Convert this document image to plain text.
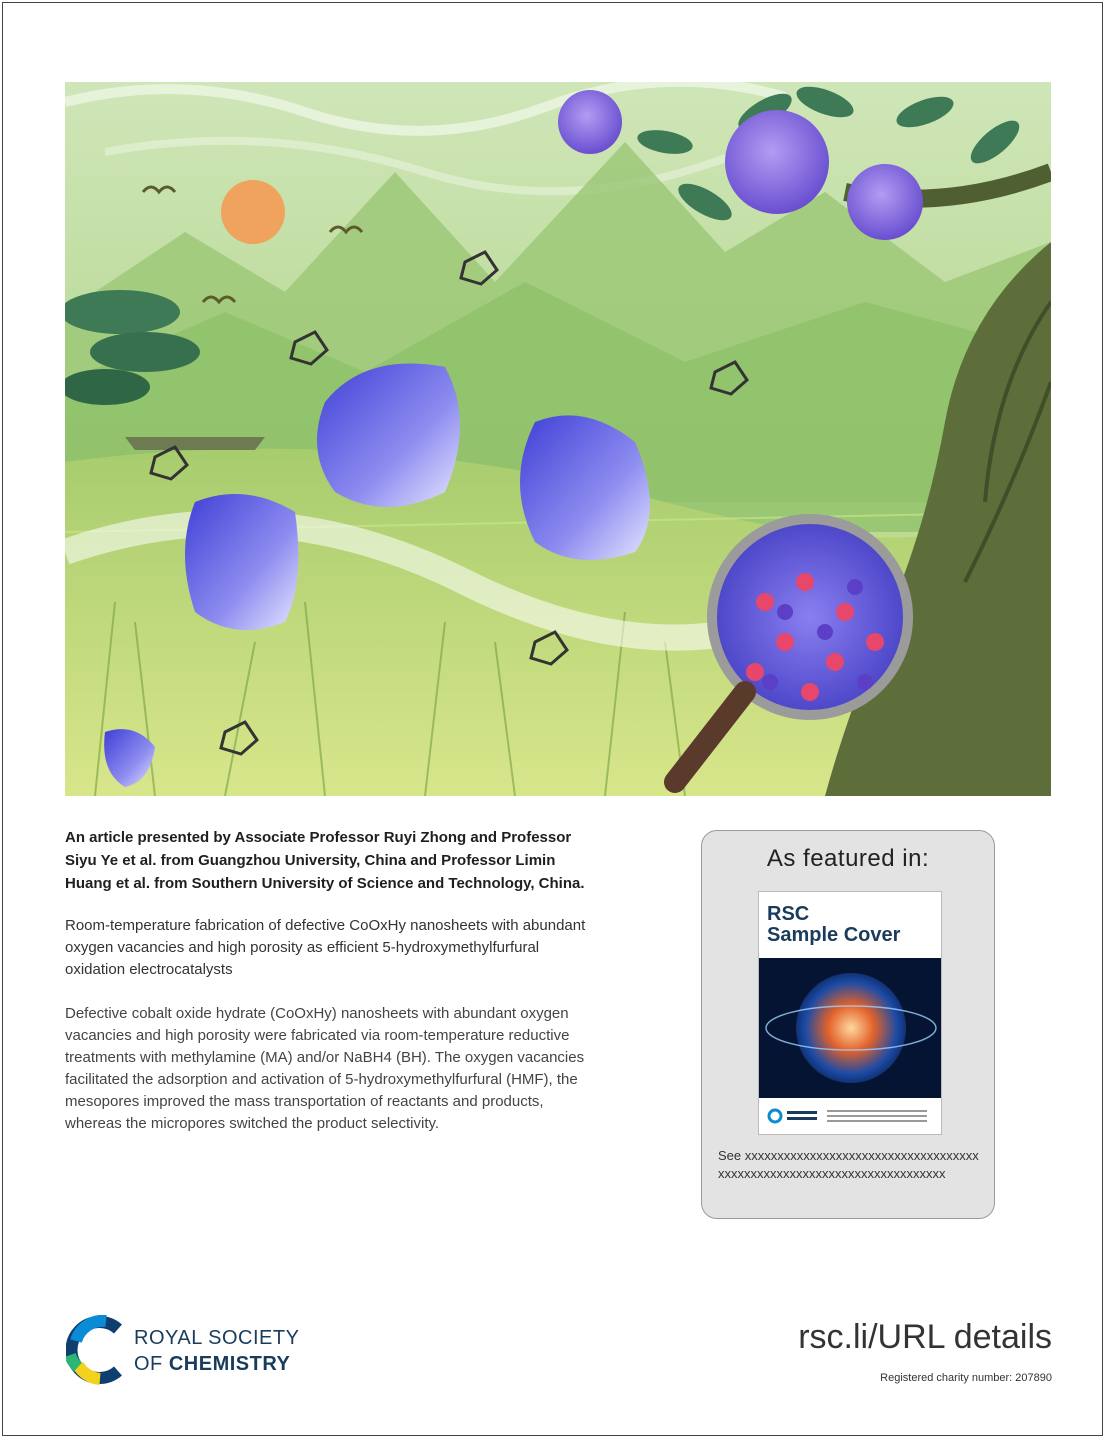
An article presented by Associate Professor Ruyi Zhong and Professor Siyu Ye et al. from Guangzhou University, China and Professor Limin Huang et al. from Southern University of Science and Technology, China.

Room-temperature fabrication of defective CoOxHy nanosheets with abundant oxygen vacancies and high porosity as efficient 5-hydroxymethylfurfural oxidation electrocatalysts

Defective cobalt oxide hydrate (CoOxHy) nanosheets with abundant oxygen vacancies and high porosity were fabricated via room-temperature reductive treatments with methylamine (MA) and/or NaBH4 (BH). The oxygen vacancies facilitated the adsorption and activation of 5-hydroxymethylfurfural (HMF), the mesopores improved the mass transportation of reactants and products, whereas the micropores switched the product selectivity.

As featured in:
RSC
Sample Cover
See xxxxxxxxxxxxxxxxxxxxxxxxxxxxxxxxxxxxxxxxxxxxxxxxxxxxxxxxxxxxxxxxxxxxxxx
ROYAL SOCIETY
OF CHEMISTRY
rsc.li/URL details
Registered charity number: 207890
